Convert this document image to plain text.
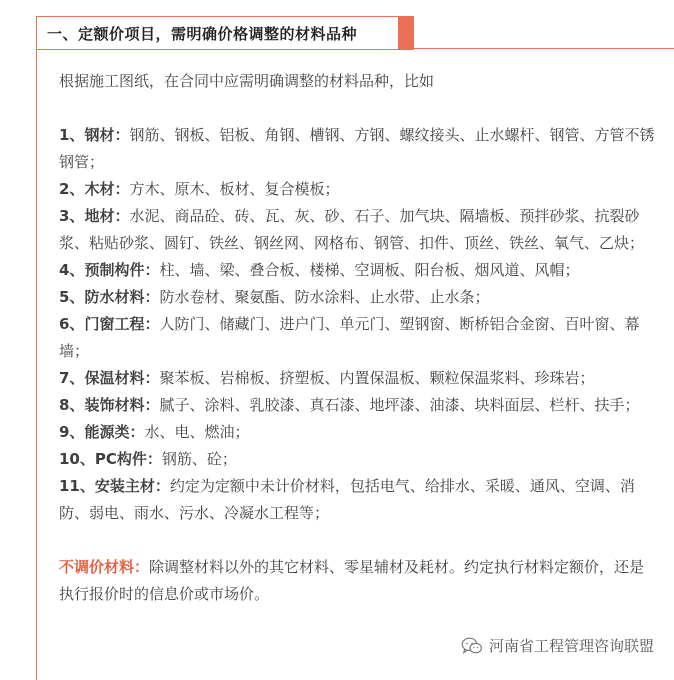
一、定额价项目，需明确价格调整的材料品种

根据施工图纸，在合同中应需明确调整的材料品种，比如

1、钢材：钢筋、钢板、铝板、角钢、槽钢、方钢、螺纹接头、止水螺杆、钢管、方管不锈钢管；

2、木材：方木、原木、板材、复合模板；

3、地材：水泥、商品砼、砖、瓦、灰、砂、石子、加气块、隔墙板、预拌砂浆、抗裂砂浆、粘贴砂浆、圆钉、铁丝、钢丝网、网格布、钢管、扣件、顶丝、铁丝、氧气、乙炔；

4、预制构件：柱、墙、梁、叠合板、楼梯、空调板、阳台板、烟风道、风帽；

5、防水材料：防水卷材、聚氨酯、防水涂料、止水带、止水条；

6、门窗工程：人防门、储藏门、进户门、单元门、塑钢窗、断桥铝合金窗、百叶窗、幕墙；

7、保温材料：聚苯板、岩棉板、挤塑板、内置保温板、颗粒保温浆料、珍珠岩；

8、装饰材料：腻子、涂料、乳胶漆、真石漆、地坪漆、油漆、块料面层、栏杆、扶手；

9、能源类：水、电、燃油；

10、PC构件：钢筋、砼；

11、安装主材：约定为定额中未计价材料，包括电气、给排水、采暖、通风、空调、消防、弱电、雨水、污水、冷凝水工程等；

不调价材料：除调整材料以外的其它材料、零星辅材及耗材。约定执行材料定额价，还是执行报价时的信息价或市场价。

河南省工程管理咨询联盟
